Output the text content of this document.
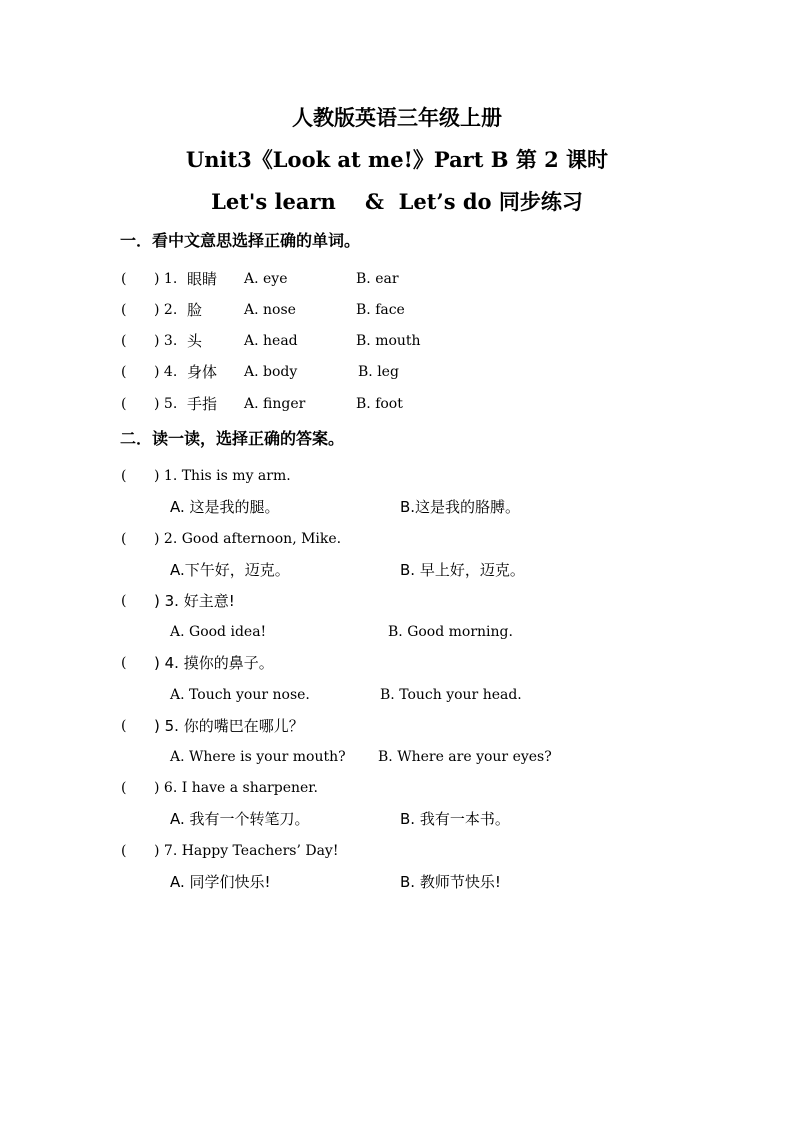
人教版英语三年级上册
Unit3《Look at me!》Part B 第 2 课时
Let's learn    &  Let’s do 同步练习
一．看中文意思选择正确的单词。
( ) 1. 眼睛 A. eye	B. ear
( ) 2. 脸	A. nose	B. face
( ) 3. 头	A. head	B. mouth
( ) 4. 身体 A. body	B. leg
( ) 5. 手指 A. finger	B. foot
二．读一读，选择正确的答案。
( ) 1. This is my arm.
A. 这是我的腿。	B.这是我的胳膊。
( ) 2. Good afternoon, Mike.
A.下午好，迈克。	B. 早上好，迈克。
( ) 3. 好主意!
A. Good idea!	B. Good morning.
( ) 4. 摸你的鼻子。
A. Touch your nose.	B. Touch your head.
( ) 5. 你的嘴巴在哪儿？
A. Where is your mouth? B. Where are your eyes?
( ) 6. I have a sharpener.
A. 我有一个转笔刀。	B. 我有一本书。
( ) 7. Happy Teachers’ Day!
A. 同学们快乐!	B. 教师节快乐!
